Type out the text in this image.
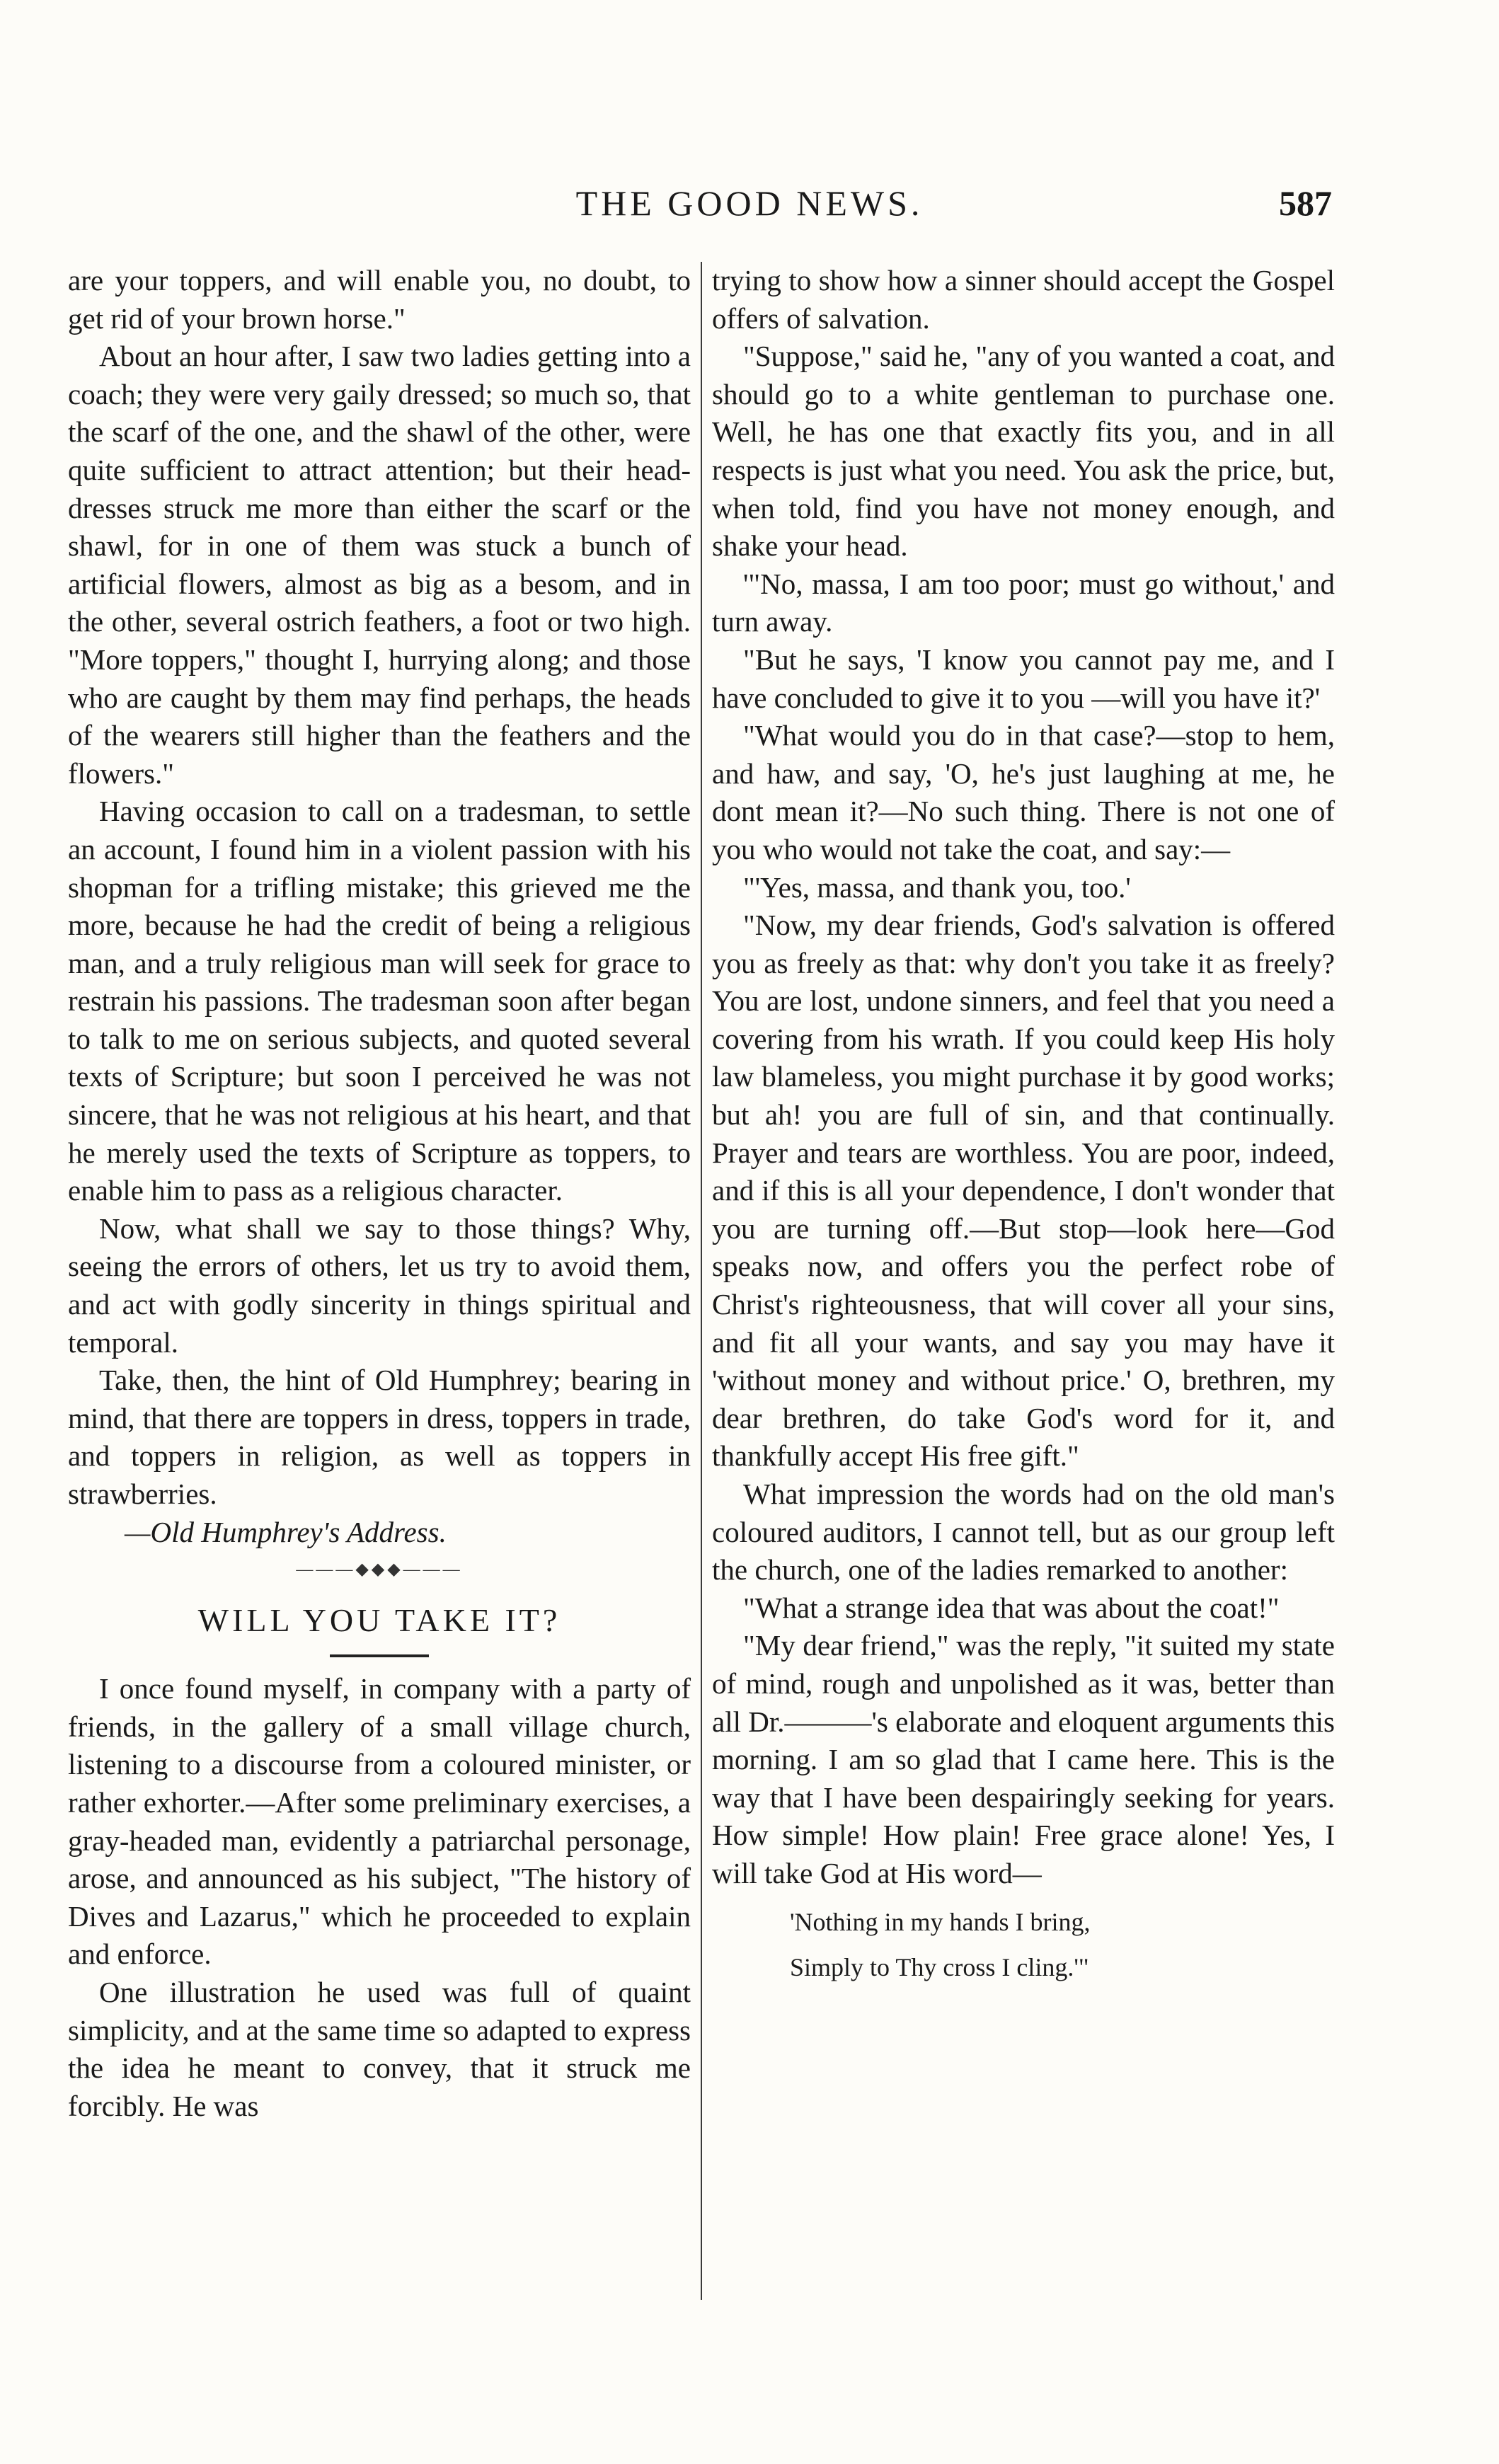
THE GOOD NEWS.	587

are your toppers, and will enable you, no doubt, to get rid of your brown horse."

About an hour after, I saw two ladies getting into a coach; they were very gaily dressed; so much so, that the scarf of the one, and the shawl of the other, were quite sufficient to attract attention; but their head-dresses struck me more than either the scarf or the shawl, for in one of them was stuck a bunch of artificial flowers, almost as big as a besom, and in the other, several ostrich feathers, a foot or two high. "More toppers," thought I, hurrying along; and those who are caught by them may find perhaps, the heads of the wearers still higher than the feathers and the flowers."

Having occasion to call on a tradesman, to settle an account, I found him in a violent passion with his shopman for a trifling mistake; this grieved me the more, because he had the credit of being a religious man, and a truly religious man will seek for grace to restrain his passions. The tradesman soon after began to talk to me on serious subjects, and quoted several texts of Scripture; but soon I perceived he was not sincere, that he was not religious at his heart, and that he merely used the texts of Scripture as toppers, to enable him to pass as a religious character.

Now, what shall we say to those things? Why, seeing the errors of others, let us try to avoid them, and act with godly sincerity in things spiritual and temporal.

Take, then, the hint of Old Humphrey; bearing in mind, that there are toppers in dress, toppers in trade, and toppers in religion, as well as toppers in strawberries.

—Old Humphrey's Address.

———◆◆◆———
WILL YOU TAKE IT?

I once found myself, in company with a party of friends, in the gallery of a small village church, listening to a discourse from a coloured minister, or rather exhorter.—After some preliminary exercises, a gray-headed man, evidently a patriarchal personage, arose, and announced as his subject, "The history of Dives and Lazarus," which he proceeded to explain and enforce.

One illustration he used was full of quaint simplicity, and at the same time so adapted to express the idea he meant to convey, that it struck me forcibly. He was

trying to show how a sinner should accept the Gospel offers of salvation.

"Suppose," said he, "any of you wanted a coat, and should go to a white gentleman to purchase one. Well, he has one that exactly fits you, and in all respects is just what you need. You ask the price, but, when told, find you have not money enough, and shake your head.

'"No, massa, I am too poor; must go without,' and turn away.

"But he says, 'I know you cannot pay me, and I have concluded to give it to you —will you have it?'

"What would you do in that case?—stop to hem, and haw, and say, 'O, he's just laughing at me, he dont mean it?—No such thing. There is not one of you who would not take the coat, and say:—

"'Yes, massa, and thank you, too.'

"Now, my dear friends, God's salvation is offered you as freely as that: why don't you take it as freely? You are lost, undone sinners, and feel that you need a covering from his wrath. If you could keep His holy law blameless, you might purchase it by good works; but ah! you are full of sin, and that continually. Prayer and tears are worthless. You are poor, indeed, and if this is all your dependence, I don't wonder that you are turning off.—But stop—look here—God speaks now, and offers you the perfect robe of Christ's righteousness, that will cover all your sins, and fit all your wants, and say you may have it 'without money and without price.' O, brethren, my dear brethren, do take God's word for it, and thankfully accept His free gift."

What impression the words had on the old man's coloured auditors, I cannot tell, but as our group left the church, one of the ladies remarked to another:

"What a strange idea that was about the coat!"

"My dear friend," was the reply, "it suited my state of mind, rough and unpolished as it was, better than all Dr.———'s elaborate and eloquent arguments this morning. I am so glad that I came here. This is the way that I have been despairingly seeking for years. How simple! How plain! Free grace alone! Yes, I will take God at His word—

'Nothing in my hands I bring,

Simply to Thy cross I cling.'"
